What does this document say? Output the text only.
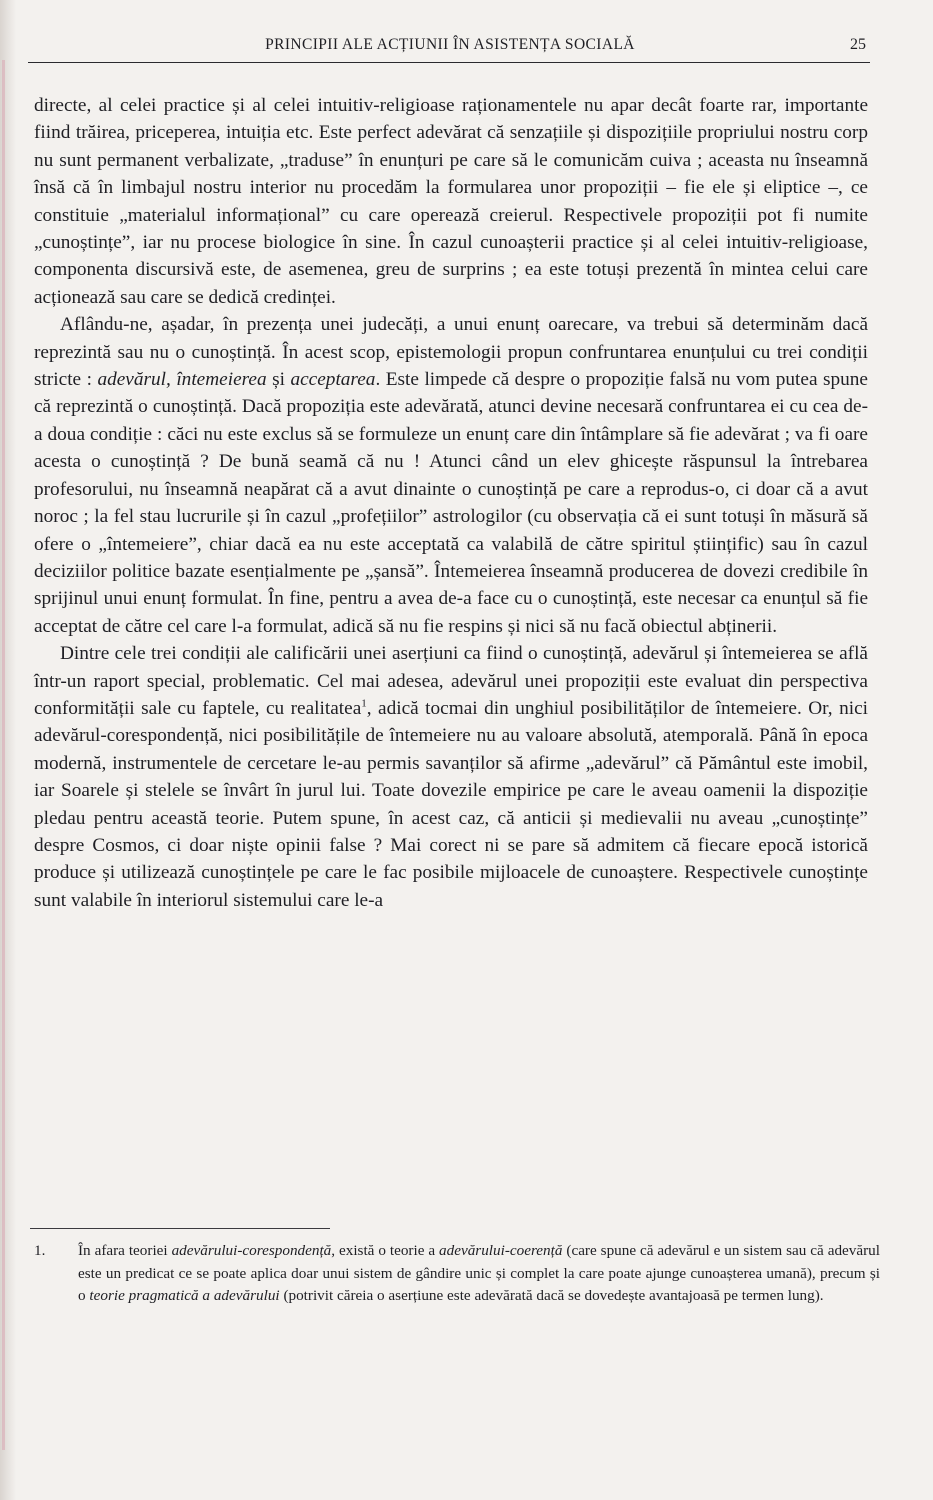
PRINCIPII ALE ACȚIUNII ÎN ASISTENȚA SOCIALĂ	25

directe, al celei practice și al celei intuitiv-religioase raționamentele nu apar decât foarte rar, importante fiind trăirea, priceperea, intuiția etc. Este perfect adevărat că senzațiile și dispozițiile propriului nostru corp nu sunt permanent verbalizate, „traduse” în enunțuri pe care să le comunicăm cuiva ; aceasta nu înseamnă însă că în limbajul nostru interior nu procedăm la formularea unor propoziții – fie ele și eliptice –, ce constituie „materialul informațional” cu care operează creierul. Respectivele propoziții pot fi numite „cunoștințe”, iar nu procese biologice în sine. În cazul cunoașterii practice și al celei intuitiv-religioase, componenta discursivă este, de asemenea, greu de surprins ; ea este totuși prezentă în mintea celui care acționează sau care se dedică credinței.

Aflându-ne, așadar, în prezența unei judecăți, a unui enunț oarecare, va trebui să determinăm dacă reprezintă sau nu o cunoștință. În acest scop, epistemologii propun confruntarea enunțului cu trei condiții stricte : adevărul, întemeierea și acceptarea. Este limpede că despre o propoziție falsă nu vom putea spune că reprezintă o cunoștință. Dacă propoziția este adevărată, atunci devine necesară confruntarea ei cu cea de-a doua condiție : căci nu este exclus să se formuleze un enunț care din întâmplare să fie adevărat ; va fi oare acesta o cunoștință ? De bună seamă că nu ! Atunci când un elev ghicește răspunsul la întrebarea profesorului, nu înseamnă neapărat că a avut dinainte o cunoștință pe care a reprodus-o, ci doar că a avut noroc ; la fel stau lucrurile și în cazul „profețiilor” astrologilor (cu observația că ei sunt totuși în măsură să ofere o „întemeiere”, chiar dacă ea nu este acceptată ca valabilă de către spiritul științific) sau în cazul deciziilor politice bazate esențialmente pe „șansă”. Întemeierea înseamnă producerea de dovezi credibile în sprijinul unui enunț formulat. În fine, pentru a avea de-a face cu o cunoștință, este necesar ca enunțul să fie acceptat de către cel care l-a formulat, adică să nu fie respins și nici să nu facă obiectul abținerii.

Dintre cele trei condiții ale calificării unei aserțiuni ca fiind o cunoștință, adevărul și întemeierea se află într-un raport special, problematic. Cel mai adesea, adevărul unei propoziții este evaluat din perspectiva conformității sale cu faptele, cu realitatea$^1$, adică tocmai din unghiul posibilităților de întemeiere. Or, nici adevărul-corespondență, nici posibilitățile de întemeiere nu au valoare absolută, atemporală. Până în epoca modernă, instrumentele de cercetare le-au permis savanților să afirme „adevărul” că Pământul este imobil, iar Soarele și stelele se învârt în jurul lui. Toate dovezile empirice pe care le aveau oamenii la dispoziție pledau pentru această teorie. Putem spune, în acest caz, că anticii și medievalii nu aveau „cunoștințe” despre Cosmos, ci doar niște opinii false ? Mai corect ni se pare să admitem că fiecare epocă istorică produce și utilizează cunoștințele pe care le fac posibile mijloacele de cunoaștere. Respectivele cunoștințe sunt valabile în interiorul sistemului care le-a

1.	În afara teoriei adevărului-corespondență, există o teorie a adevărului-coerență (care spune că adevărul e un sistem sau că adevărul este un predicat ce se poate aplica doar unui sistem de gândire unic și complet la care poate ajunge cunoașterea umană), precum și o teorie pragmatică a adevărului (potrivit căreia o aserțiune este adevărată dacă se dovedește avantajoasă pe termen lung).
